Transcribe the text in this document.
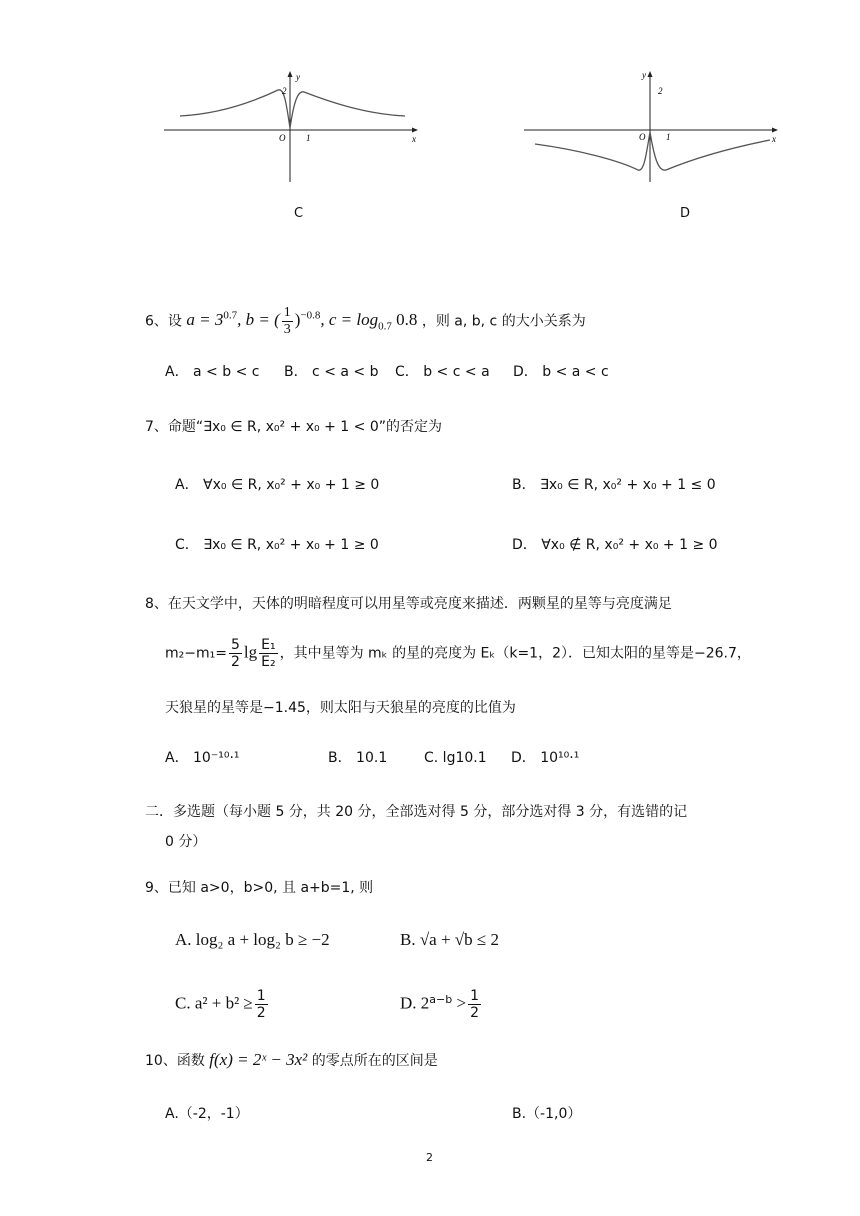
y
x
O 1
2
C
y
x
O 1
2
D
6、设 $a = 3^{0.7}$, b = ( $\frac{1}{3} )^{-0.8}$, $c = \log_{0.7} 0.8$ ，则 a, b, c 的大小关系为
A． a < b < c B． c < a < b C． b < c < a D． b < a < c
7、命题“∃x₀ ∈ R, x₀² + x₀ + 1 < 0”的否定为
A． ∀x₀ ∈ R, x₀² + x₀ + 1 ≥ 0	B． ∃x₀ ∈ R, x₀² + x₀ + 1 ≤ 0
C． ∃x₀ ∈ R, x₀² + x₀ + 1 ≥ 0	D． ∀x₀ ∉ R, x₀² + x₀ + 1 ≥ 0
8、在天文学中，天体的明暗程度可以用星等或亮度来描述．两颗星的星等与亮度满足
$m_2-m_1= \frac{5}{2}$ $\lg \frac{\text{E₁}}{\text{E₂}}$ ，其中星等为 mₖ 的星的亮度为 Eₖ（k=1，2）．已知太阳的星等是−26.7，
天狼星的星等是−1.45，则太阳与天狼星的亮度的比值为
A． 10⁻¹⁰·¹	B． 10.1	C. lg10.1 D． 10¹⁰·¹
二．多选题（每小题 5 分，共 20 分，全部选对得 5 分，部分选对得 3 分，有选错的记
0 分）
9、已知 a>0，b>0, 且 a+b=1, 则
A. log₂ a + log₂ b ≥ −2	B. √a + √b ≤ 2
C. $a^2 + b^2 \ge \frac{1}{2}$	D. $2^{a-b} > \frac{1}{2}$
10、函数 f(x) = 2ˣ − 3x² 的零点所在的区间是
A.（-2，-1）	B.（-1,0）
2
